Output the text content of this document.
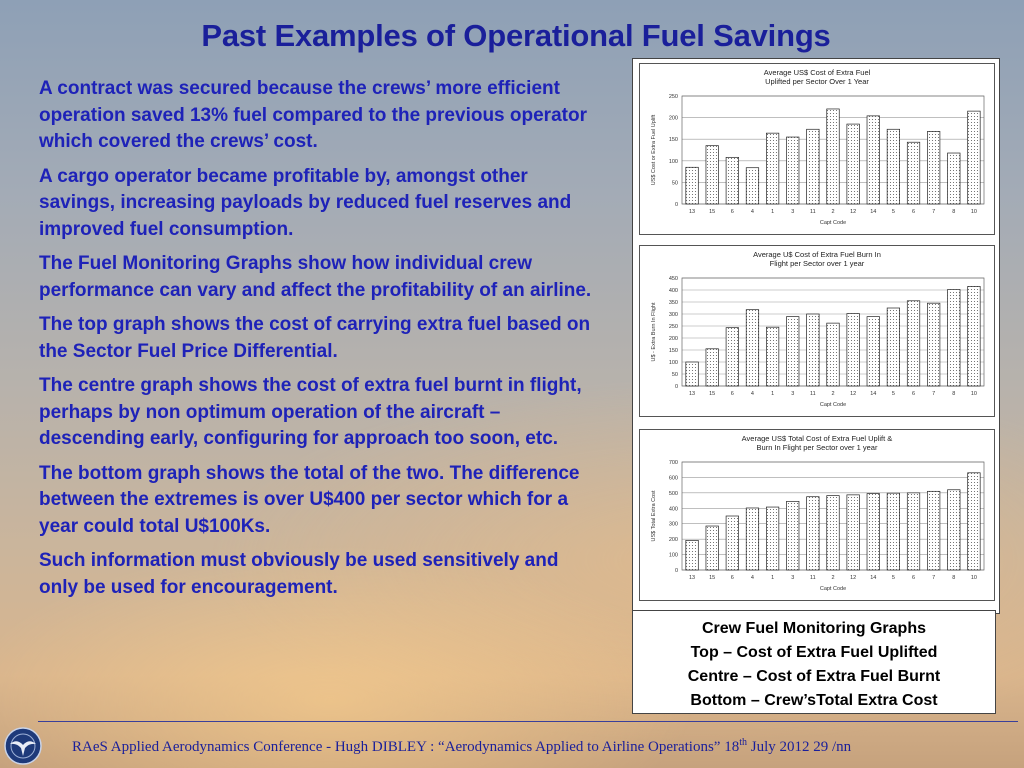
Past Examples of Operational Fuel Savings

A contract was secured because the crews’ more efficient operation saved 13% fuel compared to the previous operator which covered the crews’ cost.

A cargo operator became profitable by, amongst other savings, increasing payloads by reduced fuel reserves and improved fuel consumption.

The Fuel Monitoring Graphs show how individual crew performance can vary and affect the profitability of an airline.

The top graph shows the cost of carrying extra fuel based on the Sector Fuel Price Differential.

The centre graph shows the cost of extra fuel burnt in flight, perhaps by non optimum operation of the aircraft – descending early, configuring for approach too soon, etc.

The bottom graph shows the total of the two. The difference between the extremes is over U$400 per sector which for a year could total U$100Ks.

Such information must obviously be used sensitively and only be used for encouragement.

Average US$ Cost of Extra Fuel Uplifted per Sector Over 1 Year
0
50
100
150
200
250
13	15	6	4	1	3	11	2	12	14	5	6	7	8	10
Capt Code
US$ Cost or Extra Fuel Uplift
Average U$ Cost of Extra Fuel Burn In Flight per Sector over 1 year
0
50
100
150
200
250
300
350
400
450
13	15	6	4	1	3	11	2	12	14	5	6	7	8	10
Capt Code
U$ - Extra Burn In Flight
Average US$ Total Cost of Extra Fuel Uplift & Burn In Flight per Sector over 1 year
0
100
200
300
400
500
600
700
13	15	6	4	1	3	11	2	12	14	5	6	7	8	10
Capt Code
US$ Total Extra Cost
Crew Fuel Monitoring Graphs
Top – Cost of Extra Fuel Uplifted
Centre – Cost of Extra Fuel Burnt
Bottom – Crew’sTotal Extra Cost
RAeS Applied Aerodynamics Conference - Hugh DIBLEY : “Aerodynamics Applied to Airline Operations” 18th July 2012 29 /nn
